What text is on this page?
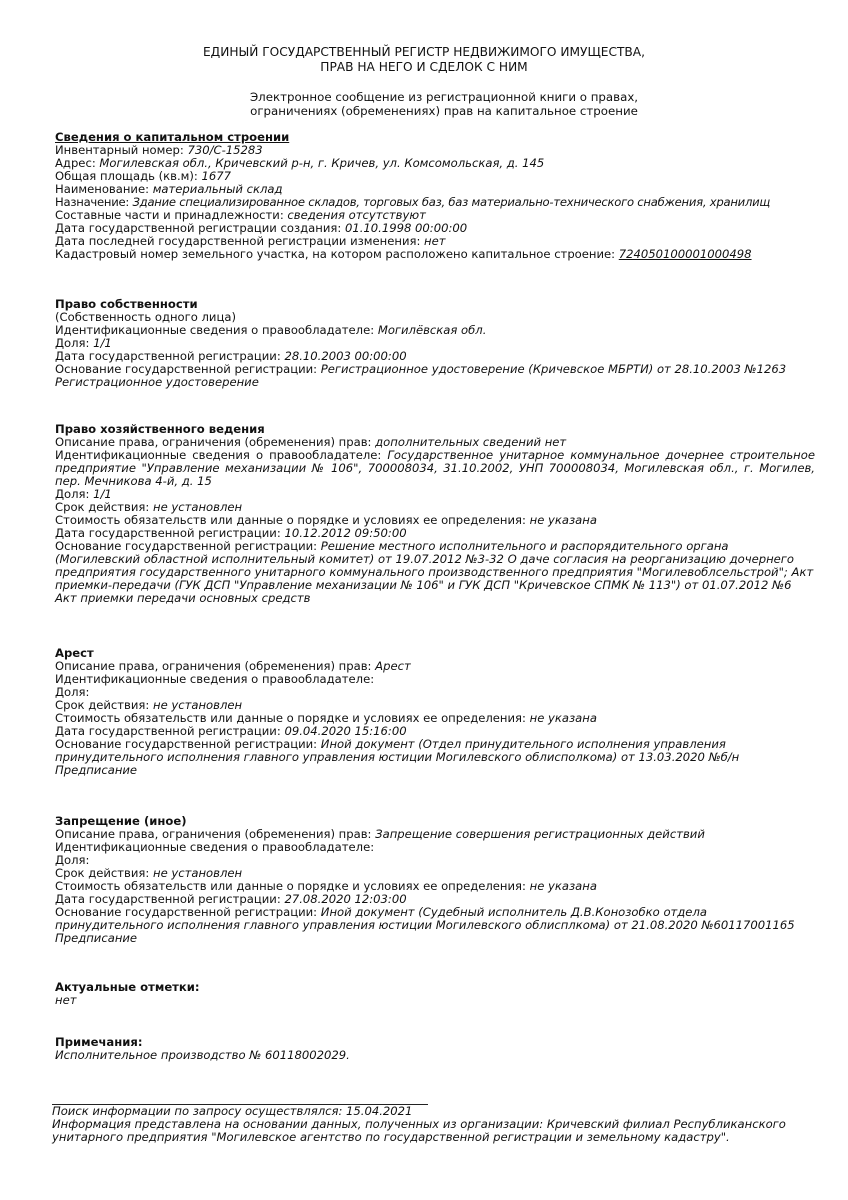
ЕДИНЫЙ ГОСУДАРСТВЕННЫЙ РЕГИСТР НЕДВИЖИМОГО ИМУЩЕСТВА,
ПРАВ НА НЕГО И СДЕЛОК С НИМ
Электронное сообщение из регистрационной книги о правах,
ограничениях (обременениях) прав на капитальное строение
Сведения о капитальном строении
Инвентарный номер: 730/С-15283
Адрес: Могилевская обл., Кричевский р-н, г. Кричев, ул. Комсомольская, д. 145
Общая площадь (кв.м): 1677
Наименование: материальный склад
Назначение: Здание специализированное складов, торговых баз, баз материально-технического снабжения, хранилищ
Составные части и принадлежности: сведения отсутствуют
Дата государственной регистрации создания: 01.10.1998 00:00:00
Дата последней государственной регистрации изменения: нет
Кадастровый номер земельного участка, на котором расположено капитальное строение: 724050100001000498
Право собственности
(Собственность одного лица)
Идентификационные сведения о правообладателе: Могилёвская обл.
Доля: 1/1
Дата государственной регистрации: 28.10.2003 00:00:00
Основание государственной регистрации: Регистрационное удостоверение (Кричевское МБРТИ) от 28.10.2003 №1263
Регистрационное удостоверение
Право хозяйственного ведения
Описание права, ограничения (обременения) прав: дополнительных сведений нет
Идентификационные сведения о правообладателе: Государственное унитарное коммунальное дочернее строительное предприятие "Управление механизации № 106", 700008034, 31.10.2002, УНП 700008034, Могилевская обл., г. Могилев, пер. Мечникова 4-й, д. 15
Доля: 1/1
Срок действия: не установлен
Стоимость обязательств или данные о порядке и условиях ее определения: не указана
Дата государственной регистрации: 10.12.2012 09:50:00
Основание государственной регистрации: Решение местного исполнительного и распорядительного органа (Могилевский областной исполнительный комитет) от 19.07.2012 №3-32 О даче согласия на реорганизацию дочернего предприятия государственного унитарного коммунального производственного предприятия "Могилевоблсельстрой"; Акт приемки-передачи (ГУК ДСП "Управление механизации № 106" и ГУК ДСП "Кричевское СПМК № 113") от 01.07.2012 №6 Акт приемки передачи основных средств
Арест
Описание права, ограничения (обременения) прав: Арест
Идентификационные сведения о правообладателе:
Доля:
Срок действия: не установлен
Стоимость обязательств или данные о порядке и условиях ее определения: не указана
Дата государственной регистрации: 09.04.2020 15:16:00
Основание государственной регистрации: Иной документ (Отдел принудительного исполнения управления принудительного исполнения главного управления юстиции Могилевского облисполкома) от 13.03.2020 №б/н
Предписание
Запрещение (иное)
Описание права, ограничения (обременения) прав: Запрещение совершения регистрационных действий
Идентификационные сведения о правообладателе:
Доля:
Срок действия: не установлен
Стоимость обязательств или данные о порядке и условиях ее определения: не указана
Дата государственной регистрации: 27.08.2020 12:03:00
Основание государственной регистрации: Иной документ (Судебный исполнитель Д.В.Конозобко отдела принудительного исполнения главного управления юстиции Могилевского облисплкома) от 21.08.2020 №60117001165
Предписание
Актуальные отметки:
нет
Примечания:
Исполнительное производство № 60118002029.
Поиск информации по запросу осуществлялся: 15.04.2021
Информация представлена на основании данных, полученных из организации: Кричевский филиал Республиканского унитарного предприятия "Могилевское агентство по государственной регистрации и земельному кадастру".
